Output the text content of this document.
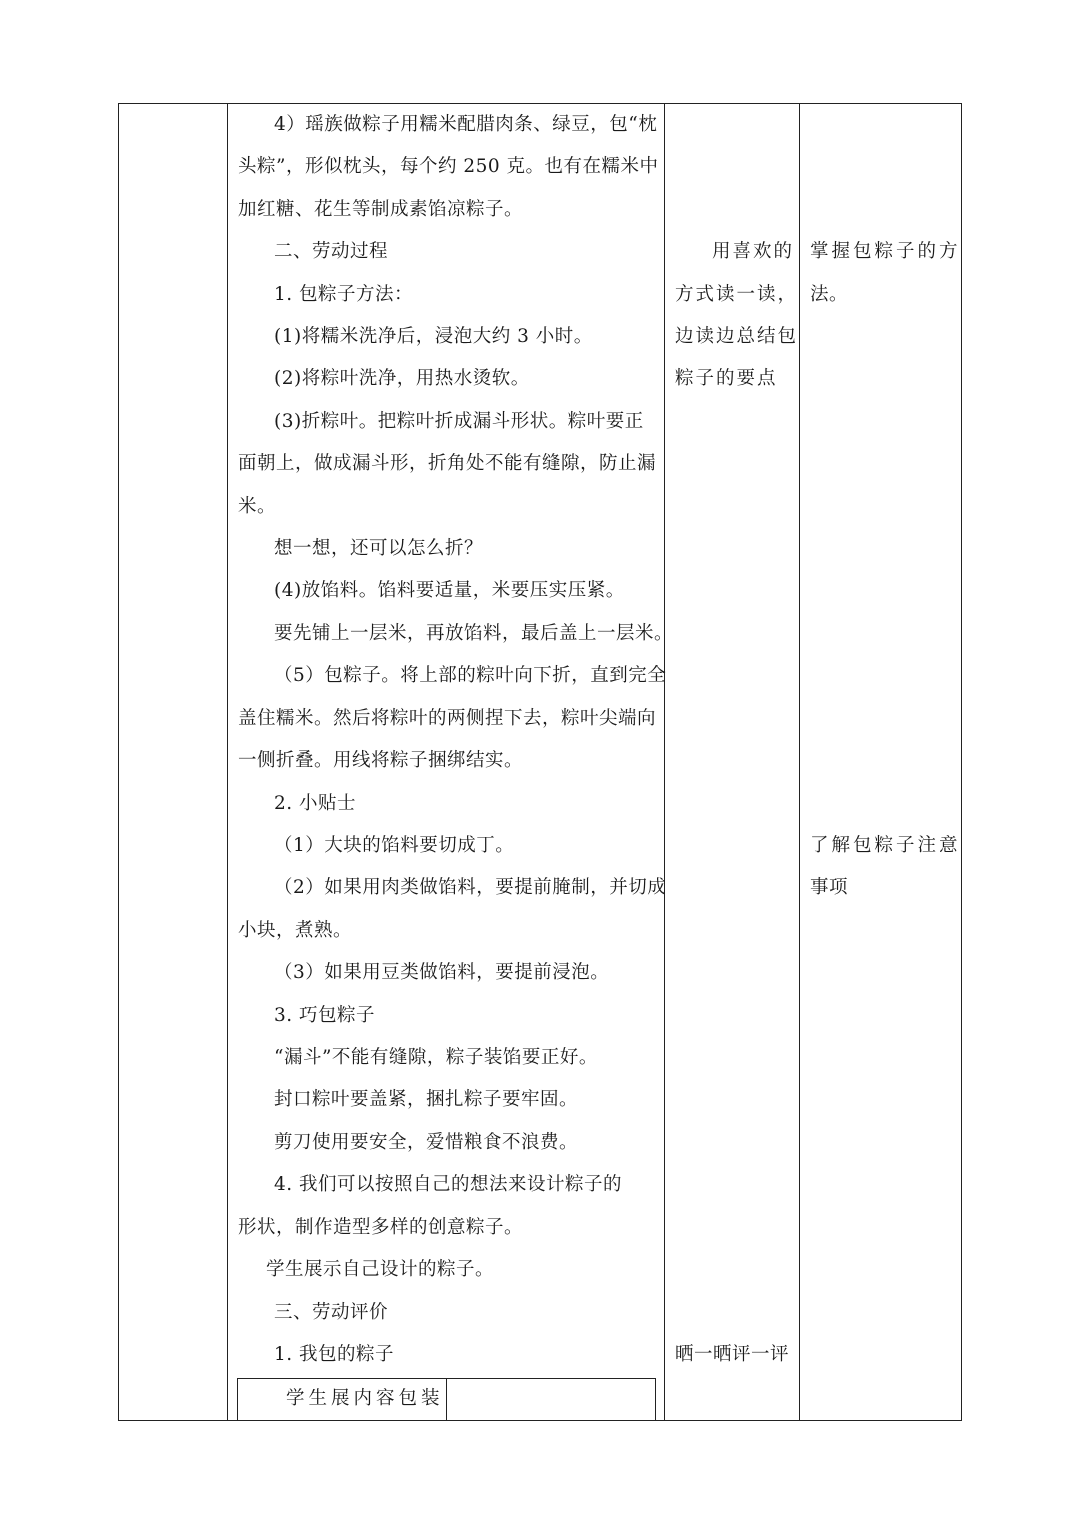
4）瑶族做粽子用糯米配腊肉条、绿豆，包“枕
头粽”，形似枕头，每个约 250 克。也有在糯米中
加红糖、花生等制成素馅凉粽子。
二、劳动过程
1. 包粽子方法：
(1)将糯米洗净后，浸泡大约 3 小时。
(2)将粽叶洗净，用热水烫软。
(3)折粽叶。把粽叶折成漏斗形状。粽叶要正
面朝上，做成漏斗形，折角处不能有缝隙，防止漏
米。
想一想，还可以怎么折？
(4)放馅料。馅料要适量，米要压实压紧。
要先铺上一层米，再放馅料，最后盖上一层米。
（5）包粽子。将上部的粽叶向下折，直到完全
盖住糯米。然后将粽叶的两侧捏下去，粽叶尖端向
一侧折叠。用线将粽子捆绑结实。
2. 小贴士
（1）大块的馅料要切成丁。
（2）如果用肉类做馅料，要提前腌制，并切成
小块，煮熟。
（3）如果用豆类做馅料，要提前浸泡。
3. 巧包粽子
“漏斗”不能有缝隙，粽子装馅要正好。
封口粽叶要盖紧，捆扎粽子要牢固。
剪刀使用要安全，爱惜粮食不浪费。
4. 我们可以按照自己的想法来设计粽子的
形状，制作造型多样的创意粽子。
学生展示自己设计的粽子。
三、劳动评价
1. 我包的粽子
学生展内容包装
用喜欢的
方式读一读，
边读边总结包
粽子的要点
晒一晒评一评
掌握包粽子的方
法。
了解包粽子注意
事项
